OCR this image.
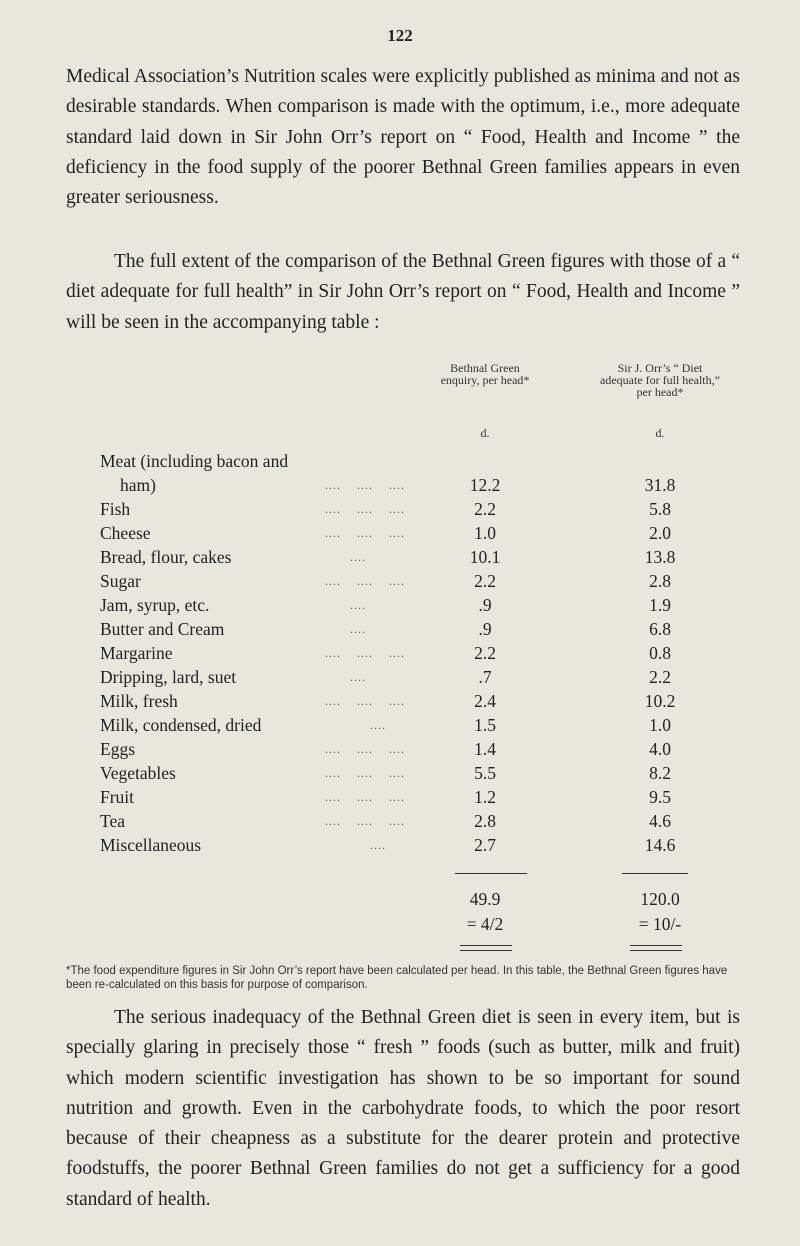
122

Medical Association’s Nutrition scales were explicitly published as minima and not as desirable standards. When comparison is made with the optimum, i.e., more adequate standard laid down in Sir John Orr’s report on “ Food, Health and Income ” the deficiency in the food supply of the poorer Bethnal Green families appears in even greater seriousness.

The full extent of the comparison of the Bethnal Green figures with those of a “ diet adequate for full health” in Sir John Orr’s report on “ Food, Health and Income ” will be seen in the accompanying table :

Bethnal Green enquiry, per head*
Sir J. Orr’s “ Diet adequate for full health,” per head*
d.	d.
Meat (including bacon and
ham)	....    ....    ....	12.2	31.8
Fish	....    ....    ....	2.2	5.8
Cheese	....    ....    ....	1.0	2.0
Bread, flour, cakes	....	10.1	13.8
Sugar	....    ....    ....	2.2	2.8
Jam, syrup, etc.	....	.9	1.9
Butter and Cream	....	.9	6.8
Margarine	....    ....    ....	2.2	0.8
Dripping, lard, suet	....	.7	2.2
Milk, fresh	....    ....    ....	2.4	10.2
Milk, condensed, dried	....	1.5	1.0
Eggs	....    ....    ....	1.4	4.0
Vegetables	....    ....    ....	5.5	8.2
Fruit	....    ....    ....	1.2	9.5
Tea	....    ....    ....	2.8	4.6
Miscellaneous	....	2.7	14.6
49.9	120.0
= 4/2	= 10/-

*The food expenditure figures in Sir John Orr’s report have been calculated per head. In this table, the Bethnal Green figures have been re-calculated on this basis for purpose of comparison.

The serious inadequacy of the Bethnal Green diet is seen in every item, but is specially glaring in precisely those “ fresh ” foods (such as butter, milk and fruit) which modern scientific investigation has shown to be so important for sound nutrition and growth. Even in the carbohydrate foods, to which the poor resort because of their cheapness as a substitute for the dearer protein and protective foodstuffs, the poorer Bethnal Green families do not get a sufficiency for a good standard of health.
